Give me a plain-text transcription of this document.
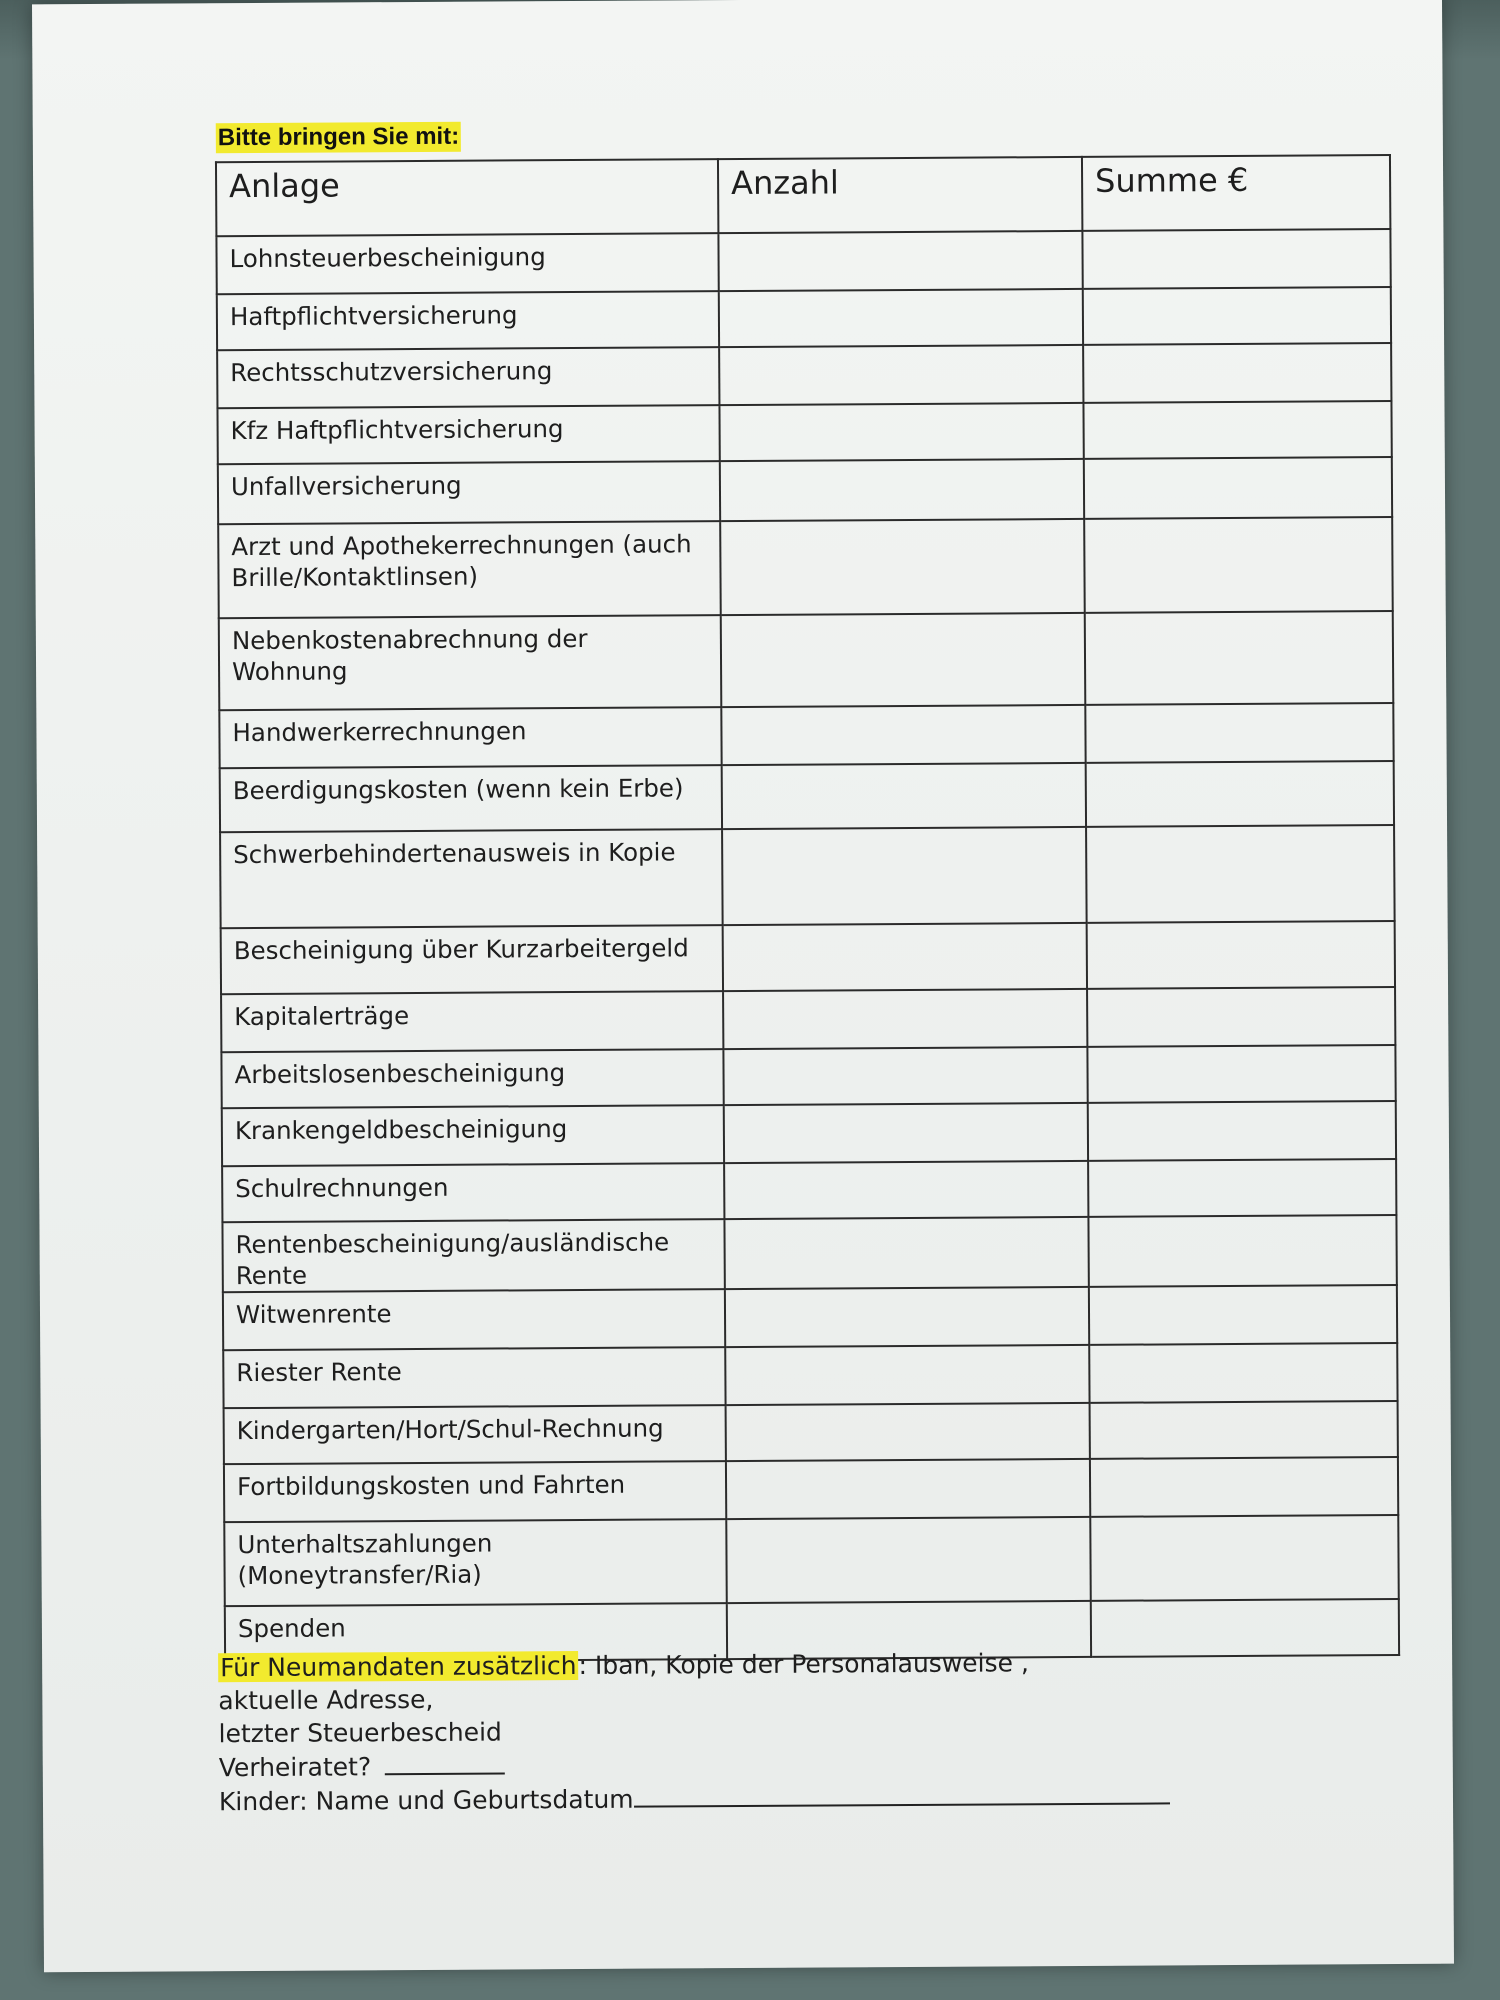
Bitte bringen Sie mit:
Anlage	Anzahl	Summe €
Lohnsteuerbescheinigung		
Haftpflichtversicherung		
Rechtsschutzversicherung		
Kfz Haftpflichtversicherung		
Unfallversicherung		
Arzt und Apothekerrechnungen (auch Brille/Kontaktlinsen)		
Nebenkostenabrechnung der Wohnung		
Handwerkerrechnungen		
Beerdigungskosten (wenn kein Erbe)		
Schwerbehindertenausweis in Kopie		
Bescheinigung über Kurzarbeitergeld		
Kapitalerträge		
Arbeitslosenbescheinigung		
Krankengeldbescheinigung		
Schulrechnungen		
Rentenbescheinigung/ausländische Rente		
Witwenrente		
Riester Rente		
Kindergarten/Hort/Schul-Rechnung		
Fortbildungskosten und Fahrten		
Unterhaltszahlungen (Moneytransfer/Ria)		
Spenden		
Für Neumandaten zusätzlich: Iban, Kopie der Personalausweise ,
aktuelle Adresse,
letzter Steuerbescheid
Verheiratet?
Kinder: Name und Geburtsdatum
